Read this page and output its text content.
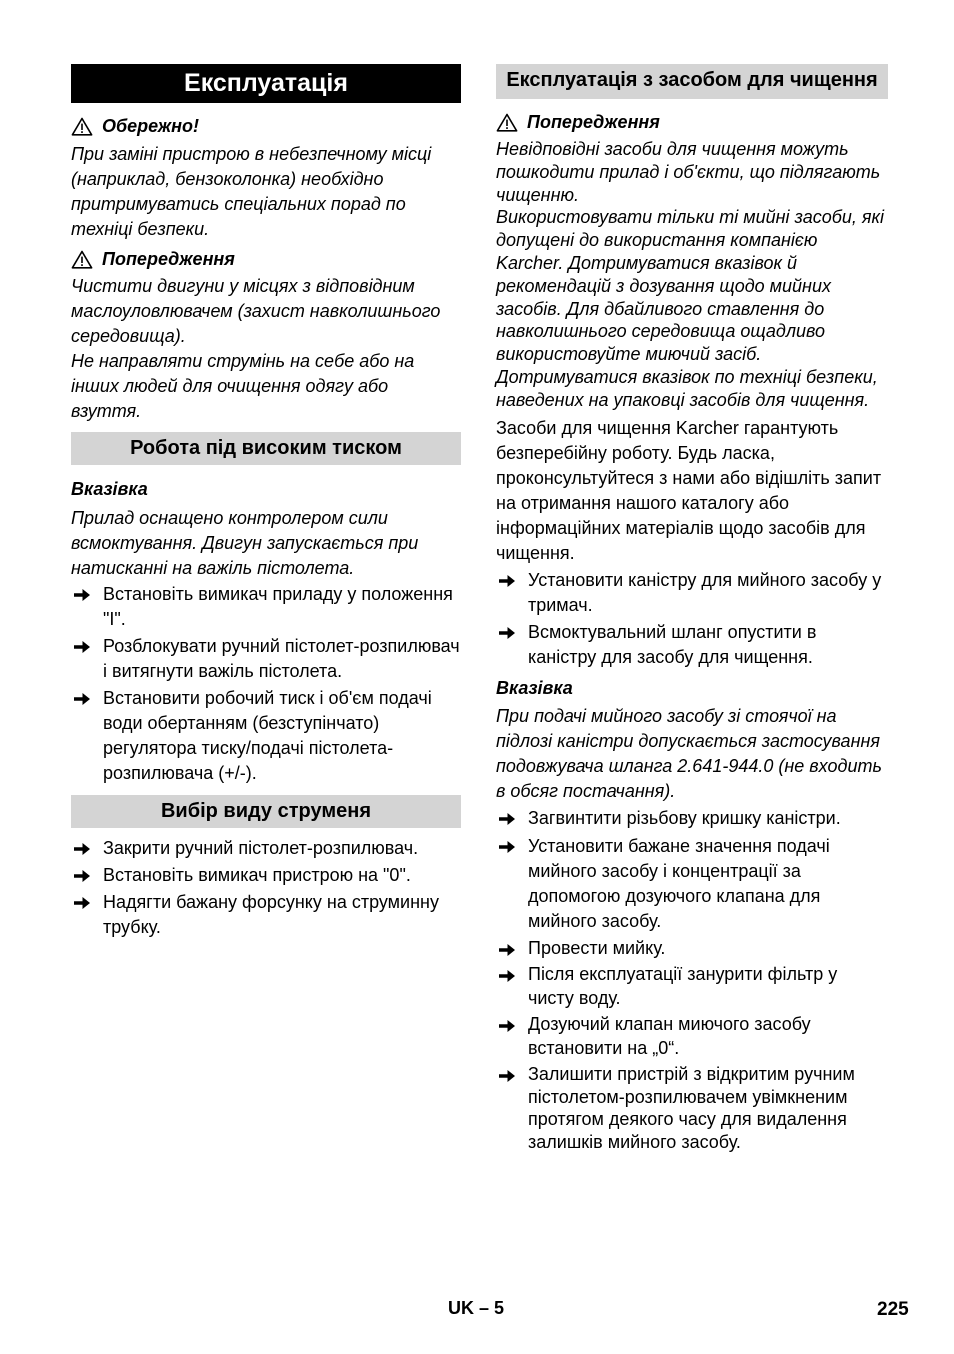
Експлуатація
Обережно!

При заміні пристрою в небезпечному місці (наприклад, бензоколонка) необхідно притримуватись спеціальних порад по техніці безпеки.

Попередження

Чистити двигуни у місцях з відповідним маслоуловлювачем (захист навколишнього середовища).

Не направляти струмінь на себе або на інших людей для очищення одягу або взуття.

Робота під високим тиском
Вказівка

Прилад оснащено контролером сили всмоктування. Двигун запускається при натисканні на важіль пістолета.

Встановіть вимикач приладу у положення "I".
Розблокувати ручний пістолет-розпилювач і витягнути важіль пістолета.
Встановити робочий тиск і об'єм подачі води обертанням (безступінчато) регулятора тиску/подачі пістолета-розпилювача (+/-).
Вибір виду струменя
Закрити ручний пістолет-розпилювач.
Встановіть вимикач пристрою на "0".
Надягти бажану форсунку на струминну трубку.
Експлуатація з засобом для чищення
Попередження

Невідповідні засоби для чищення можуть пошкодити прилад і об'єкти, що підлягають чищенню.

Використовувати тільки ті мийні засоби, які допущені до використання компанією Karcher. Дотримуватися вказівок й рекомендацій з дозування щодо мийних засобів. Для дбайливого ставлення до навколишнього середовища ощадливо використовуйте миючий засіб.

Дотримуватися вказівок по техніці безпеки, наведених на упаковці засобів для чищення.

Засоби для чищення Karcher гарантують безперебійну роботу. Будь ласка, проконсультуйтеся з нами або відішліть запит на отримання нашого каталогу або інформаційних матеріалів щодо засобів для чищення.

Установити каністру для мийного засобу у тримач.
Всмоктувальний шланг опустити в каністру для засобу для чищення.
Вказівка

При подачі мийного засобу зі стоячої на підлозі каністри допускається застосування подовжувача шланга 2.641-944.0 (не входить в обсяг постачання).

Загвинтити різьбову кришку каністри.
Установити бажане значення подачі мийного засобу і концентрації за допомогою дозуючого клапана для мийного засобу.
Провести мийку.
Після експлуатації занурити фільтр у чисту воду.
Дозуючий клапан миючого засобу встановити на „0“.
Залишити пристрій з відкритим ручним пістолетом-розпилювачем увімкненим протягом деякого часу для видалення залишків мийного засобу.
UK – 5	225
